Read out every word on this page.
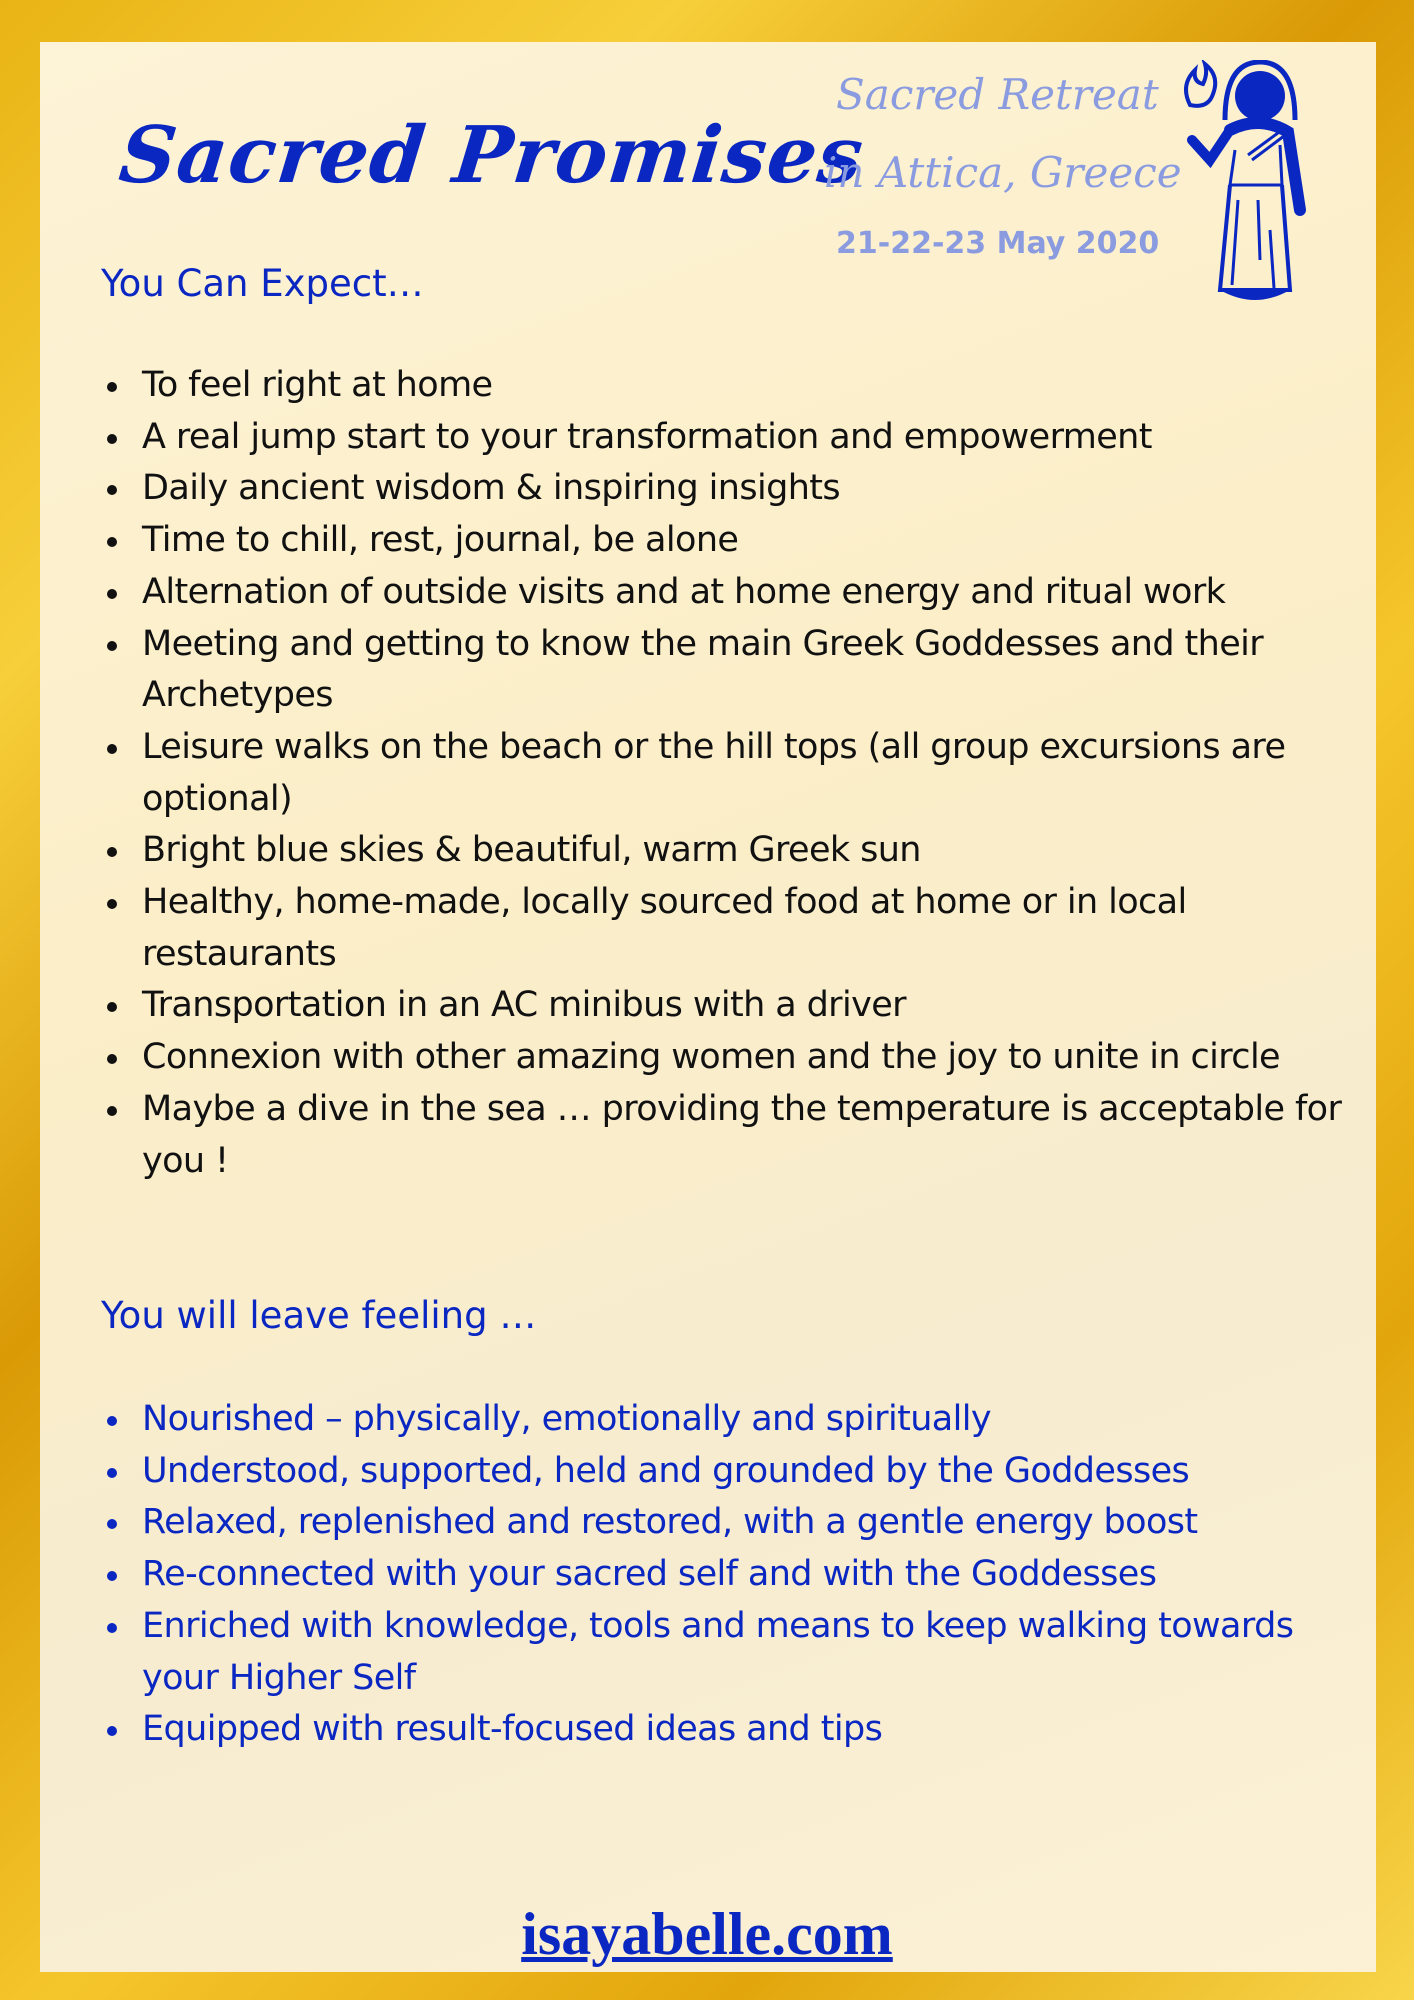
Sacred Promises
Sacred Retreat
in Attica, Greece
21-22-23 May 2020
You Can Expect…
To feel right at home
A real jump start to your transformation and empowerment
Daily ancient wisdom & inspiring insights
Time to chill, rest, journal, be alone
Alternation of outside visits and at home energy and ritual work
Meeting and getting to know the main Greek Goddesses and their Archetypes
Leisure walks on the beach or the hill tops (all group excursions are optional)
Bright blue skies & beautiful, warm Greek sun
Healthy, home-made, locally sourced food at home or in local restaurants
Transportation in an AC minibus with a driver
Connexion with other amazing women and the joy to unite in circle
Maybe a dive in the sea … providing the temperature is acceptable for you !
You will leave feeling …
Nourished – physically, emotionally and spiritually
Understood, supported, held and grounded by the Goddesses
Relaxed, replenished and restored, with a gentle energy boost
Re-connected with your sacred self and with the Goddesses
Enriched with knowledge, tools and means to keep walking towards your Higher Self
Equipped with result-focused ideas and tips
isayabelle.com
